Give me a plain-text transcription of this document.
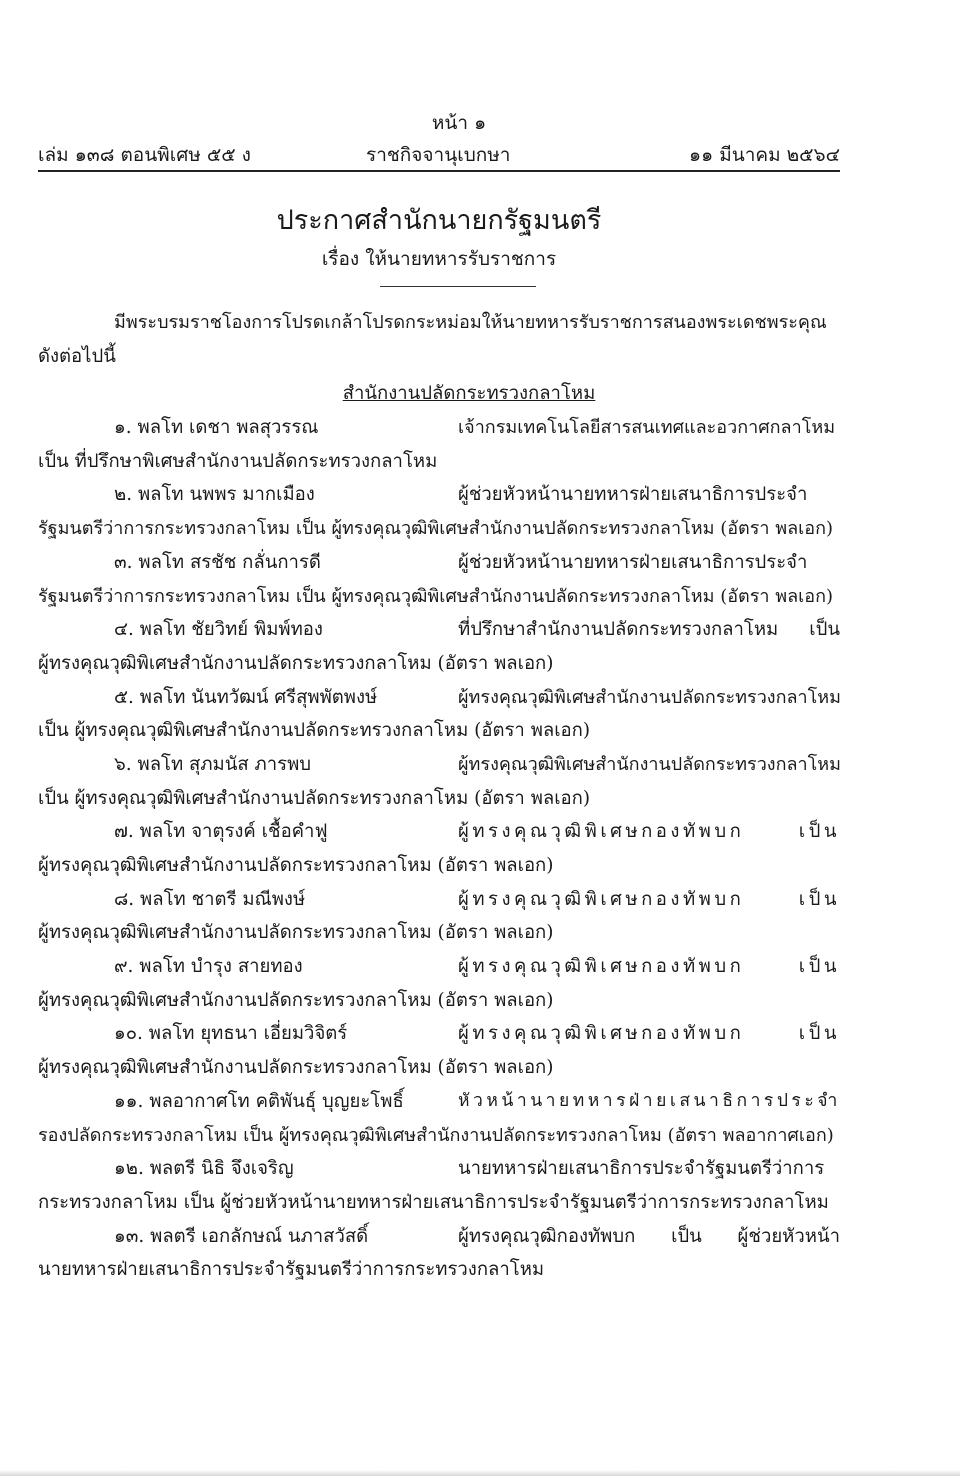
หน้า ๑
เล่ม ๑๓๘ ตอนพิเศษ ๕๕ ง	ราชกิจจานุเบกษา	๑๑ มีนาคม ๒๕๖๔
ประกาศสำนักนายกรัฐมนตรี
เรื่อง ให้นายทหารรับราชการ
มีพระบรมราชโองการโปรดเกล้าโปรดกระหม่อมให้นายทหารรับราชการสนองพระเดชพระคุณ
ดังต่อไปนี้
สำนักงานปลัดกระทรวงกลาโหม
๑. พลโท เดชา พลสุวรรณ	เจ้ากรมเทคโนโลยีสารสนเทศและอวกาศกลาโหม
เป็น ที่ปรึกษาพิเศษสำนักงานปลัดกระทรวงกลาโหม
๒. พลโท นพพร มากเมือง	ผู้ช่วยหัวหน้านายทหารฝ่ายเสนาธิการประจำ
รัฐมนตรีว่าการกระทรวงกลาโหม เป็น ผู้ทรงคุณวุฒิพิเศษสำนักงานปลัดกระทรวงกลาโหม (อัตรา พลเอก)
๓. พลโท สรชัช กลั่นการดี	ผู้ช่วยหัวหน้านายทหารฝ่ายเสนาธิการประจำ
รัฐมนตรีว่าการกระทรวงกลาโหม เป็น ผู้ทรงคุณวุฒิพิเศษสำนักงานปลัดกระทรวงกลาโหม (อัตรา พลเอก)
๔. พลโท ชัยวิทย์ พิมพ์ทอง	ที่ปรึกษาสำนักงานปลัดกระทรวงกลาโหม เป็น
ผู้ทรงคุณวุฒิพิเศษสำนักงานปลัดกระทรวงกลาโหม (อัตรา พลเอก)
๕. พลโท นันทวัฒน์ ศรีสุพพัตพงษ์	ผู้ทรงคุณวุฒิพิเศษสำนักงานปลัดกระทรวงกลาโหม
เป็น ผู้ทรงคุณวุฒิพิเศษสำนักงานปลัดกระทรวงกลาโหม (อัตรา พลเอก)
๖. พลโท สุภมนัส ภารพบ	ผู้ทรงคุณวุฒิพิเศษสำนักงานปลัดกระทรวงกลาโหม
เป็น ผู้ทรงคุณวุฒิพิเศษสำนักงานปลัดกระทรวงกลาโหม (อัตรา พลเอก)
๗. พลโท จาตุรงค์ เชื้อคำฟู	ผู้ทรงคุณวุฒิพิเศษกองทัพบก เป็น
ผู้ทรงคุณวุฒิพิเศษสำนักงานปลัดกระทรวงกลาโหม (อัตรา พลเอก)
๘. พลโท ชาตรี มณีพงษ์	ผู้ทรงคุณวุฒิพิเศษกองทัพบก เป็น
ผู้ทรงคุณวุฒิพิเศษสำนักงานปลัดกระทรวงกลาโหม (อัตรา พลเอก)
๙. พลโท บำรุง สายทอง	ผู้ทรงคุณวุฒิพิเศษกองทัพบก เป็น
ผู้ทรงคุณวุฒิพิเศษสำนักงานปลัดกระทรวงกลาโหม (อัตรา พลเอก)
๑๐. พลโท ยุทธนา เอี่ยมวิจิตร์	ผู้ทรงคุณวุฒิพิเศษกองทัพบก เป็น
ผู้ทรงคุณวุฒิพิเศษสำนักงานปลัดกระทรวงกลาโหม (อัตรา พลเอก)
๑๑. พลอากาศโท คติพันธุ์ บุญยะโพธิ์	หัวหน้านายทหารฝ่ายเสนาธิการประจำ
รองปลัดกระทรวงกลาโหม เป็น ผู้ทรงคุณวุฒิพิเศษสำนักงานปลัดกระทรวงกลาโหม (อัตรา พลอากาศเอก)
๑๒. พลตรี นิธิ จึงเจริญ	นายทหารฝ่ายเสนาธิการประจำรัฐมนตรีว่าการ
กระทรวงกลาโหม เป็น ผู้ช่วยหัวหน้านายทหารฝ่ายเสนาธิการประจำรัฐมนตรีว่าการกระทรวงกลาโหม
๑๓. พลตรี เอกลักษณ์ นภาสวัสดิ์	ผู้ทรงคุณวุฒิกองทัพบก เป็น ผู้ช่วยหัวหน้า
นายทหารฝ่ายเสนาธิการประจำรัฐมนตรีว่าการกระทรวงกลาโหม
